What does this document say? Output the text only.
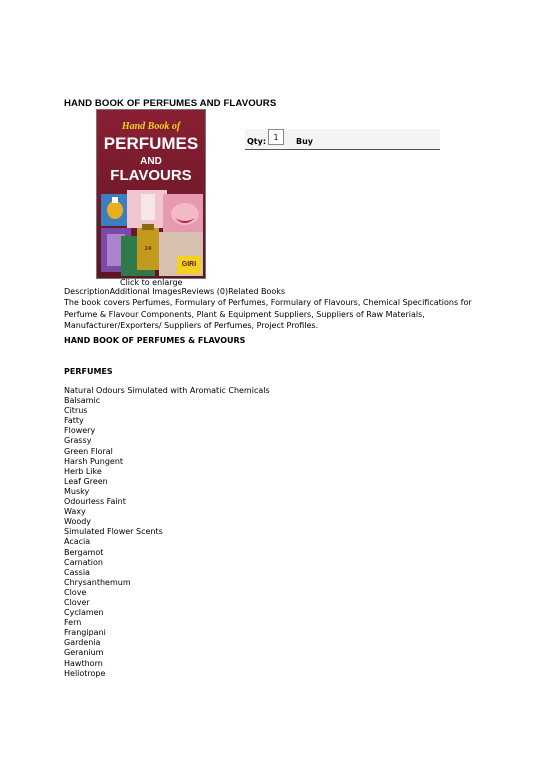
HAND BOOK OF PERFUMES AND FLAVOURS
Hand Book of
PERFUMES
AND
FLAVOURS
24
GIRI
Click to enlarge
Qty:
1	Buy
DescriptionAdditional ImagesReviews (0)Related Books
The book covers Perfumes, Formulary of Perfumes, Formulary of Flavours, Chemical Specifications for Perfume & Flavour Components, Plant & Equipment Suppliers, Suppliers of Raw Materials, Manufacturer/Exporters/ Suppliers of Perfumes, Project Profiles.
HAND BOOK OF PERFUMES & FLAVOURS
PERFUMES
Natural Odours Simulated with Aromatic Chemicals
Balsamic
Citrus
Fatty
Flowery
Grassy
Green Floral
Harsh Pungent
Herb Like
Leaf Green
Musky
Odourless Faint
Waxy
Woody
Simulated Flower Scents
Acacia
Bergamot
Carnation
Cassia
Chrysanthemum
Clove
Clover
Cyclamen
Fern
Frangipani
Gardenia
Geranium
Hawthorn
Heliotrope
